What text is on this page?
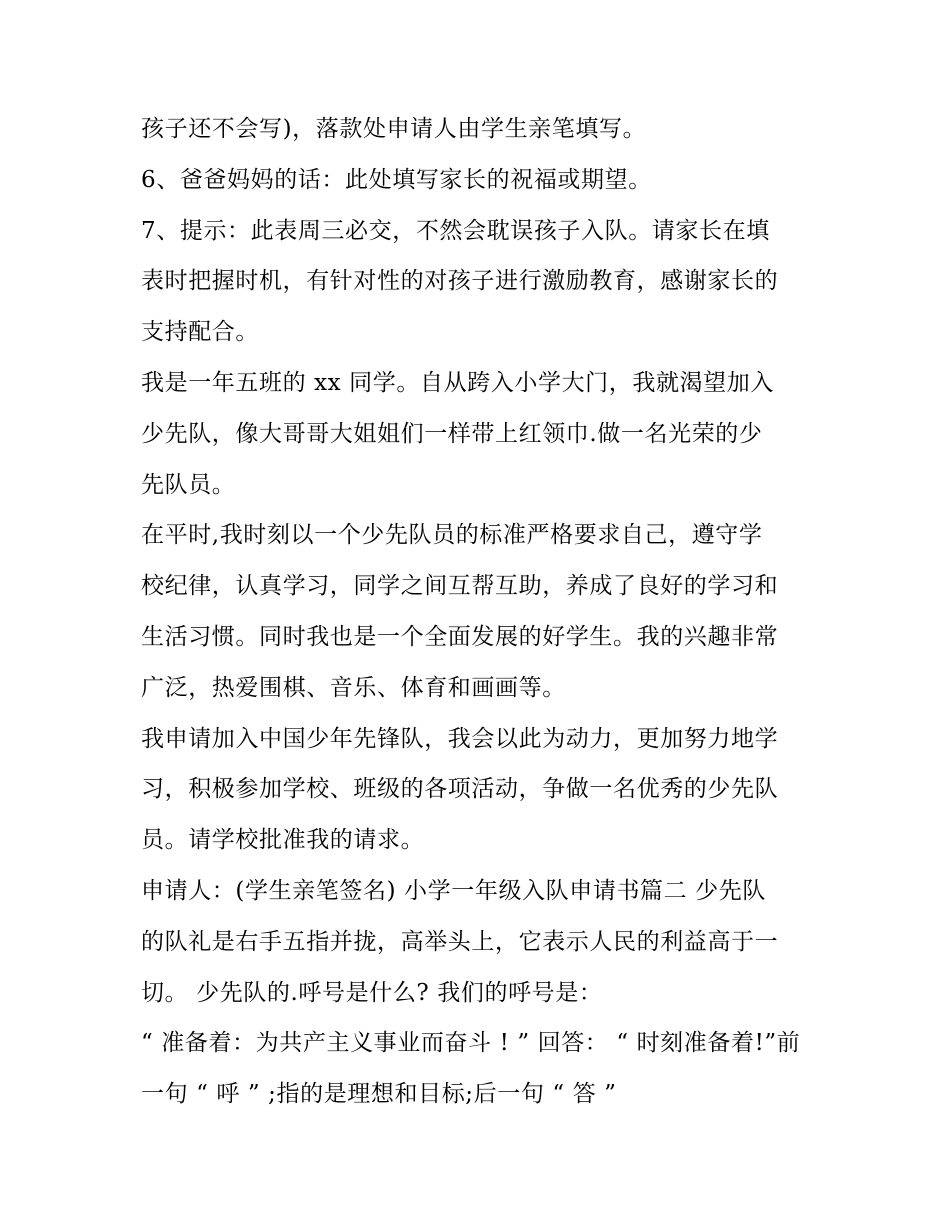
孩子还不会写)，落款处申请人由学生亲笔填写。
6、爸爸妈妈的话：此处填写家长的祝福或期望。
7、提示：此表周三必交，不然会耽误孩子入队。请家长在填
表时把握时机，有针对性的对孩子进行激励教育，感谢家长的
支持配合。
我是一年五班的 xx 同学。自从跨入小学大门，我就渴望加入
少先队，像大哥哥大姐姐们一样带上红领巾.做一名光荣的少
先队员。
在平时,我时刻以一个少先队员的标准严格要求自己，遵守学
校纪律，认真学习，同学之间互帮互助，养成了良好的学习和
生活习惯。同时我也是一个全面发展的好学生。我的兴趣非常
广泛，热爱围棋、音乐、体育和画画等。
我申请加入中国少年先锋队，我会以此为动力，更加努力地学
习，积极参加学校、班级的各项活动，争做一名优秀的少先队
员。请学校批准我的请求。
申请人：(学生亲笔签名) 小学一年级入队申请书篇二 少先队
的队礼是右手五指并拢，高举头上，它表示人民的利益高于一
切。 少先队的.呼号是什么? 我们的呼号是：
“ 准备着：为共产主义事业而奋斗 ! ” 回答： “ 时刻准备着!”前
一句 “ 呼 ” ;指的是理想和目标;后一句 “ 答 ”
